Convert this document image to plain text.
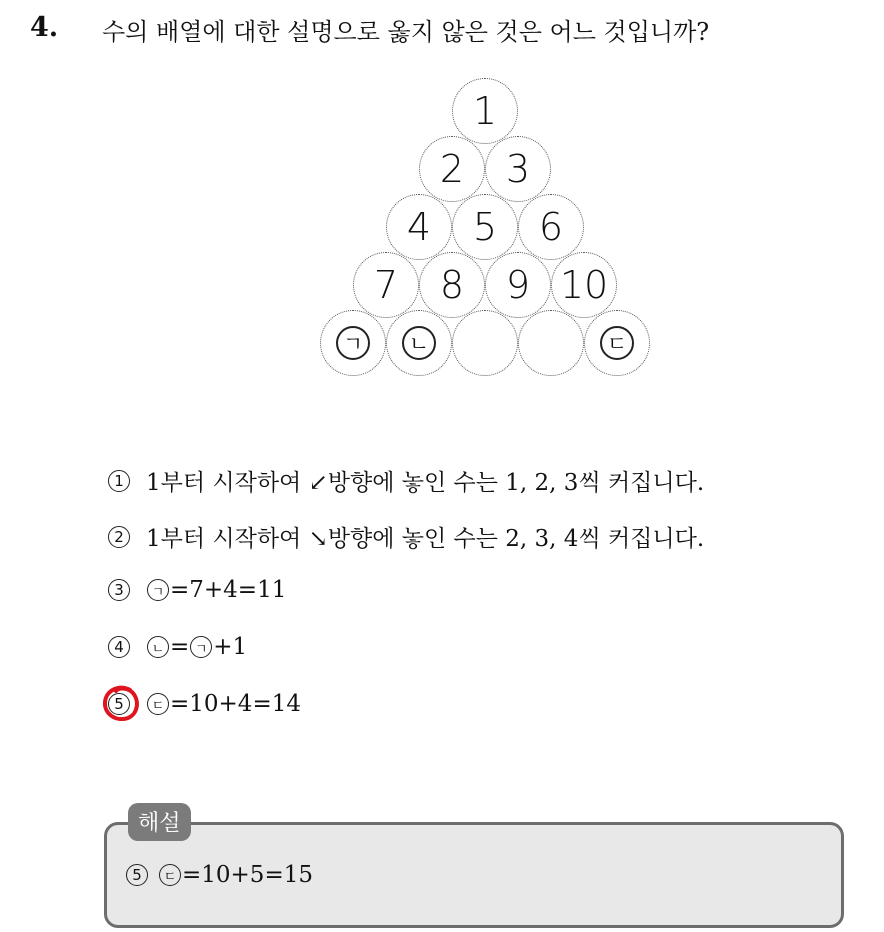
4. 수의 배열에 대한 설명으로 옳지 않은 것은 어느 것입니까?
1
2 3
4 5 6
7 8 9 10
ㄱ	ㄴ	ㄷ
1 1부터 시작하여 ↙방향에 놓인 수는 1, 2, 3씩 커집니다.
2 1부터 시작하여 ↘방향에 놓인 수는 2, 3, 4씩 커집니다.
3	ㄱ =7+4=11
4	ㄴ = ㄱ +1
5	ㄷ =10+4=14
해설
5	ㄷ =10+5=15
